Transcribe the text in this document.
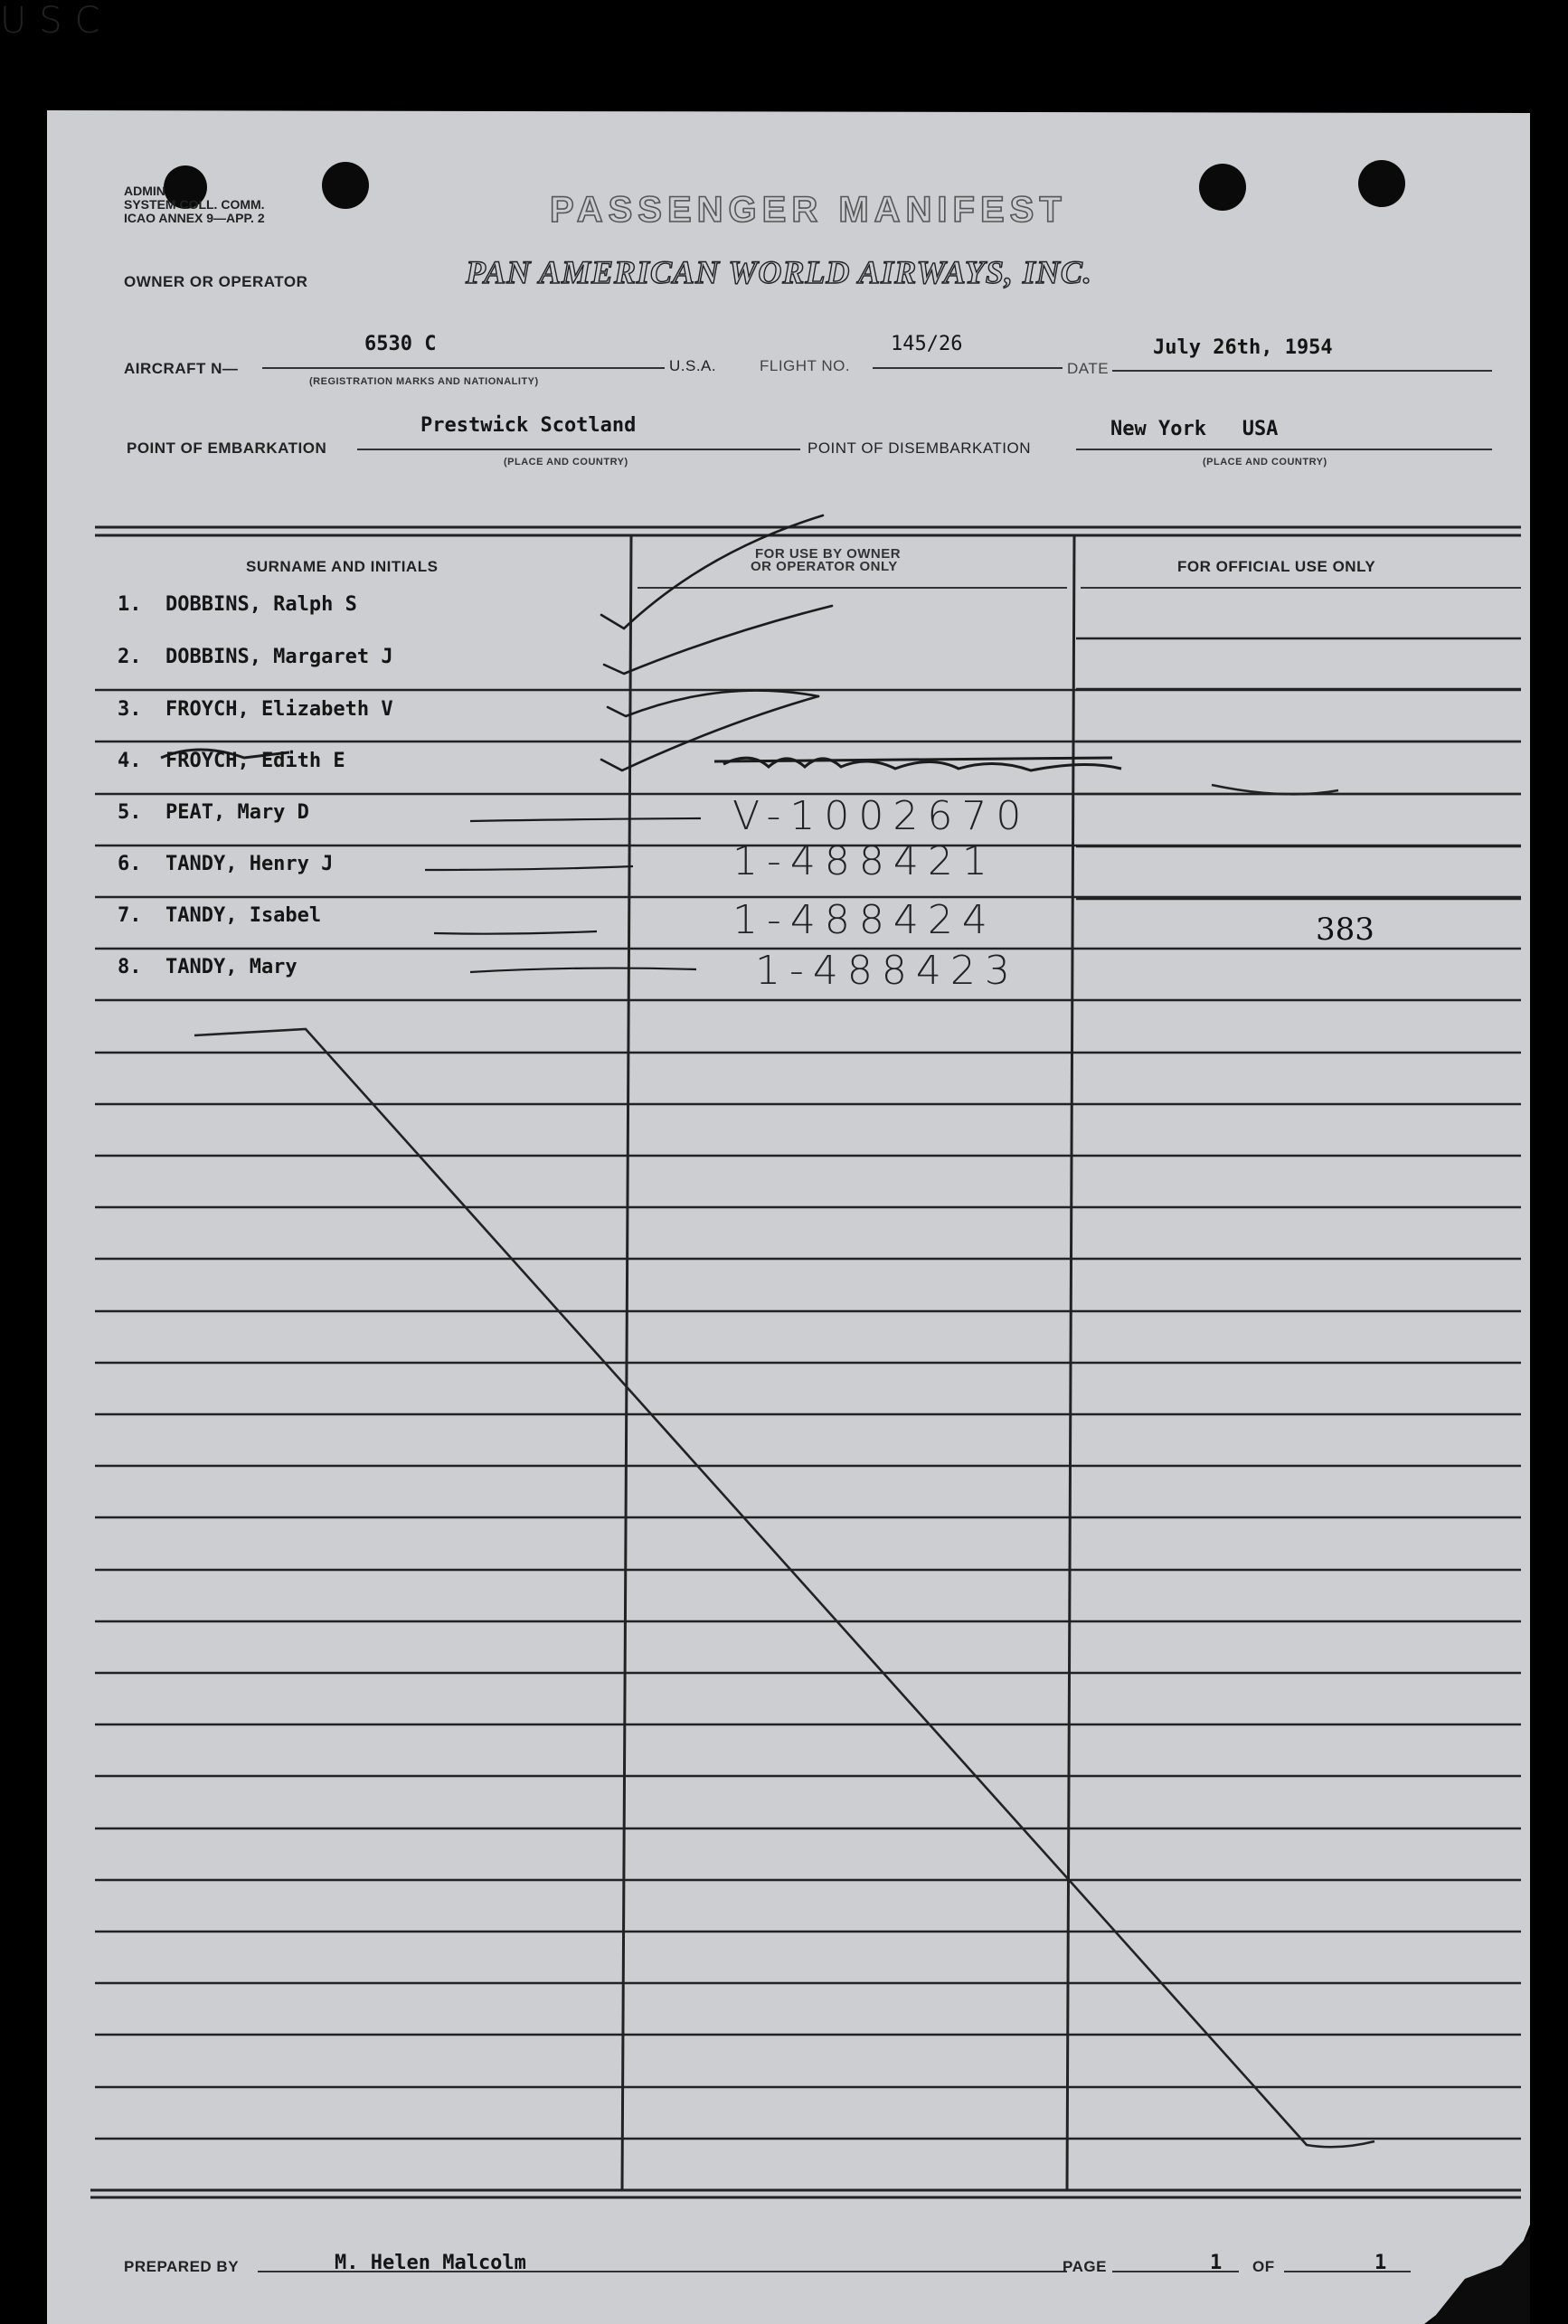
ADMIN
SYSTEM COLL. COMM.
ICAO ANNEX 9—APP. 2	PASSENGER MANIFEST
OWNER OR OPERATOR	PAN AMERICAN WORLD AIRWAYS, INC.
AIRCRAFT N—
6530 C
(REGISTRATION MARKS AND NATIONALITY)
U.S.A.	FLIGHT NO.
145/26
DATE
July 26th, 1954
POINT OF EMBARKATION
Prestwick Scotland
(PLACE AND COUNTRY)
POINT OF DISEMBARKATION
New York   USA
(PLACE AND COUNTRY)
SURNAME AND INITIALS
FOR USE BY OWNER
OR OPERATOR ONLY	FOR OFFICIAL USE ONLY
1.  DOBBINS, Ralph S
2.  DOBBINS, Margaret J
3.  FROYCH, Elizabeth V
4.  FROYCH, Edith E
USC
5.  PEAT, Mary D	V-1002670
6.  TANDY, Henry J	1-488421
7.  TANDY, Isabel	1-488424	383
8.  TANDY, Mary	1-488423
PREPARED BY	M. Helen Malcolm	PAGE	1 OF	1
